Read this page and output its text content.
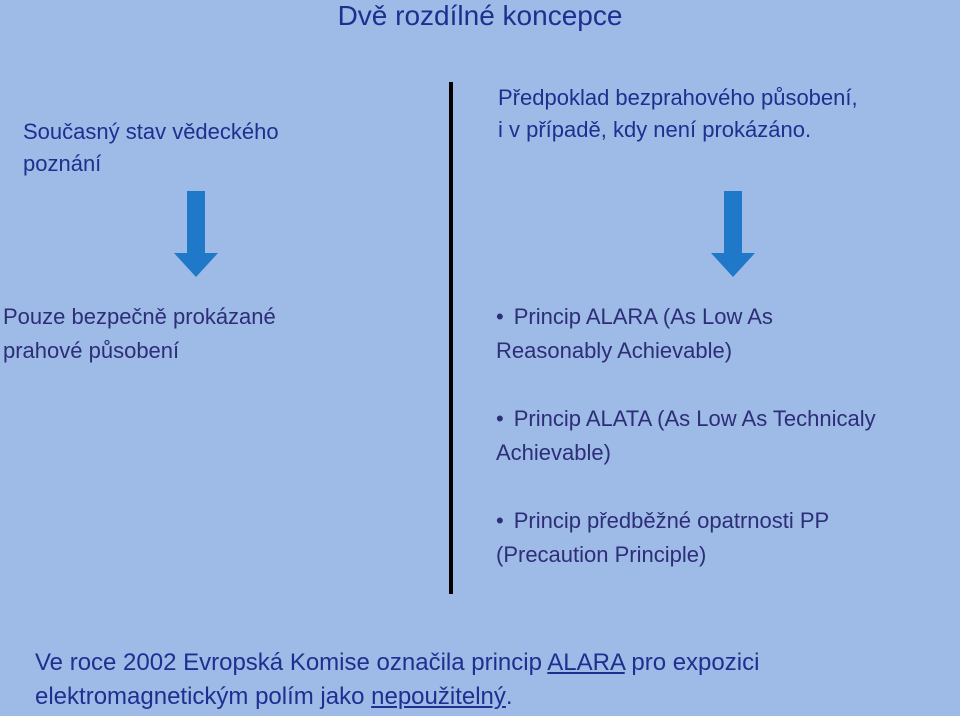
Dvě rozdílné koncepce
Současný stav vědeckého
poznání
Předpoklad bezprahového působení,
i v případě, kdy není prokázáno.
Pouze bezpečně prokázané
prahové působení
• Princip ALARA (As Low As
Reasonably Achievable)
• Princip ALATA (As Low As Technicaly
Achievable)
• Princip předběžné opatrnosti PP
(Precaution Principle)
Ve roce 2002 Evropská Komise označila princip ALARA pro expozici
elektromagnetickým polím jako nepoužitelný.
